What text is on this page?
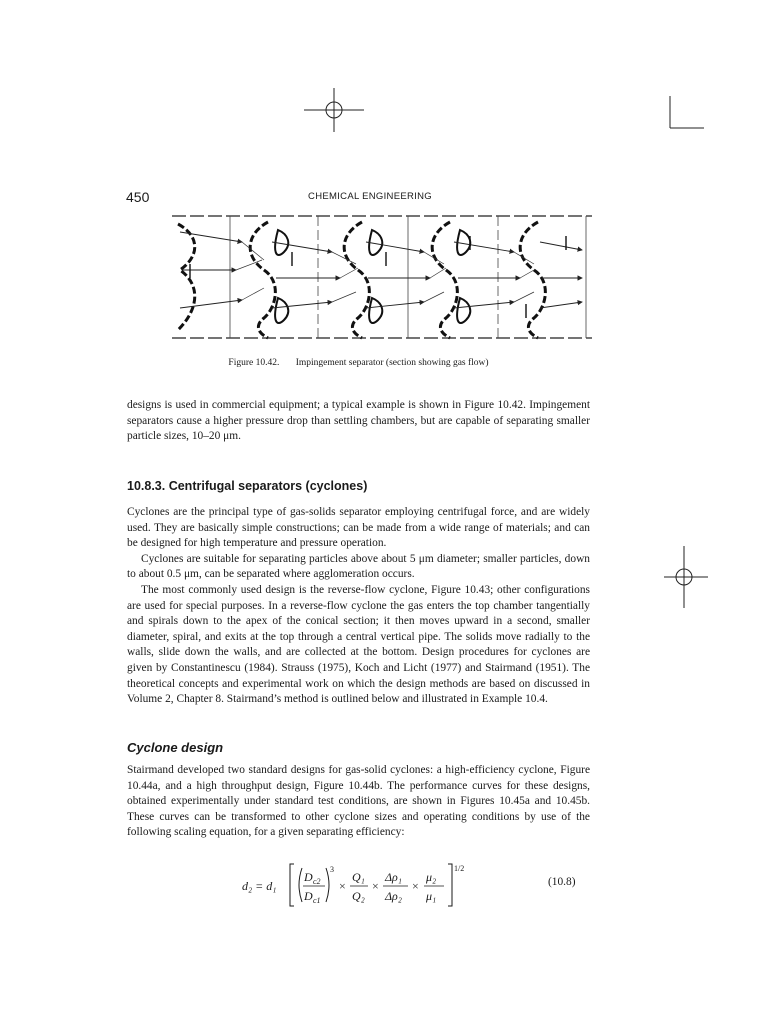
450	CHEMICAL ENGINEERING
Figure 10.42. Impingement separator (section showing gas flow)

designs is used in commercial equipment; a typical example is shown in Figure 10.42. Impingement separators cause a higher pressure drop than settling chambers, but are capable of separating smaller particle sizes, 10–20 μm.

10.8.3. Centrifugal separators (cyclones)

Cyclones are the principal type of gas-solids separator employing centrifugal force, and are widely used. They are basically simple constructions; can be made from a wide range of materials; and can be designed for high temperature and pressure operation.

Cyclones are suitable for separating particles above about 5 μm diameter; smaller particles, down to about 0.5 μm, can be separated where agglomeration occurs.

The most commonly used design is the reverse-flow cyclone, Figure 10.43; other configurations are used for special purposes. In a reverse-flow cyclone the gas enters the top chamber tangentially and spirals down to the apex of the conical section; it then moves upward in a second, smaller diameter, spiral, and exits at the top through a central vertical pipe. The solids move radially to the walls, slide down the walls, and are collected at the bottom. Design procedures for cyclones are given by Constantinescu (1984). Strauss (1975), Koch and Licht (1977) and Stairmand (1951). The theoretical concepts and experimental work on which the design methods are based on discussed in Volume 2, Chapter 8. Stairmand’s method is outlined below and illustrated in Example 10.4.

Cyclone design

Stairmand developed two standard designs for gas-solid cyclones: a high-efficiency cyclone, Figure 10.44a, and a high throughput design, Figure 10.44b. The performance curves for these designs, obtained experimentally under standard test conditions, are shown in Figures 10.45a and 10.45b. These curves can be transformed to other cyclone sizes and operating conditions by use of the following scaling equation, for a given separating efficiency:

d₂ = d₁
D c2
D c1
3
×
Q₁
Q₂
×
Δρ₁
Δρ₂
×
μ₂
μ₁
1/2
(10.8)
